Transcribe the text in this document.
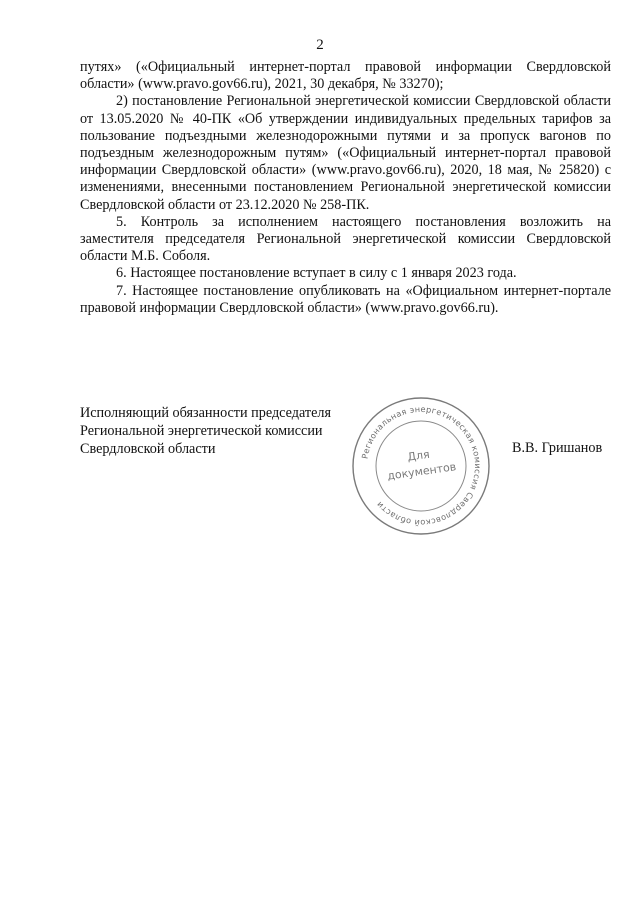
2

путях» («Официальный интернет-портал правовой информации Свердловской области» (www.pravo.gov66.ru), 2021, 30 декабря, № 33270);

2) постановление Региональной энергетической комиссии Свердловской области от 13.05.2020 № 40-ПК «Об утверждении индивидуальных предельных тарифов за пользование подъездными железнодорожными путями и за пропуск вагонов по подъездным железнодорожным путям» («Официальный интернет-портал правовой информации Свердловской области» (www.pravo.gov66.ru), 2020, 18 мая, № 25820) с изменениями, внесенными постановлением Региональной энергетической комиссии Свердловской области от 23.12.2020 № 258-ПК.

5. Контроль за исполнением настоящего постановления возложить на заместителя председателя Региональной энергетической комиссии Свердловской области М.Б. Соболя.

6. Настоящее постановление вступает в силу с 1 января 2023 года.

7. Настоящее постановление опубликовать на «Официальном интернет-портале правовой информации Свердловской области» (www.pravo.gov66.ru).

Исполняющий обязанности председателя
Региональной энергетической комиссии
Свердловской области	Региональная энергетическая комиссия Свердловской области
Для
документов
В.В. Гришанов
